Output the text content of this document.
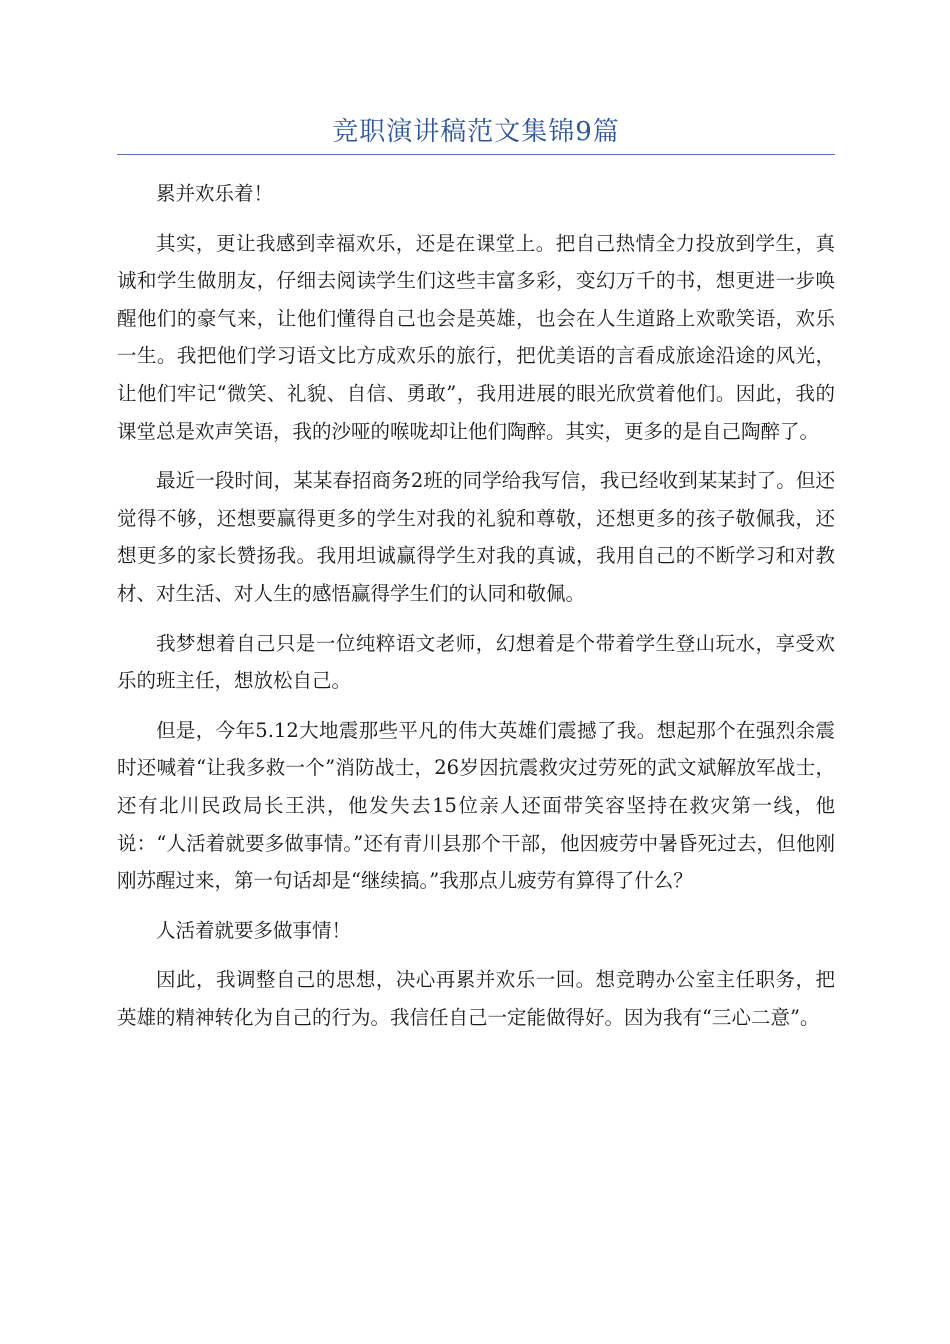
竞职演讲稿范文集锦9篇

累并欢乐着！

其实，更让我感到幸福欢乐，还是在课堂上。把自己热情全力投放到学生，真诚和学生做朋友，仔细去阅读学生们这些丰富多彩，变幻万千的书，想更进一步唤醒他们的豪气来，让他们懂得自己也会是英雄，也会在人生道路上欢歌笑语，欢乐一生。我把他们学习语文比方成欢乐的旅行，把优美语的言看成旅途沿途的风光，让他们牢记“微笑、礼貌、自信、勇敢”，我用进展的眼光欣赏着他们。因此，我的课堂总是欢声笑语，我的沙哑的喉咙却让他们陶醉。其实，更多的是自己陶醉了。

最近一段时间，某某春招商务2班的同学给我写信，我已经收到某某封了。但还觉得不够，还想要赢得更多的学生对我的礼貌和尊敬，还想更多的孩子敬佩我，还想更多的家长赞扬我。我用坦诚赢得学生对我的真诚，我用自己的不断学习和对教材、对生活、对人生的感悟赢得学生们的认同和敬佩。

我梦想着自己只是一位纯粹语文老师，幻想着是个带着学生登山玩水，享受欢乐的班主任，想放松自己。

但是，今年5.12大地震那些平凡的伟大英雄们震撼了我。想起那个在强烈余震时还喊着“让我多救一个”消防战士，26岁因抗震救灾过劳死的武文斌解放军战士，还有北川民政局长王洪，他发失去15位亲人还面带笑容坚持在救灾第一线，他说：“人活着就要多做事情。”还有青川县那个干部，他因疲劳中暑昏死过去，但他刚刚苏醒过来，第一句话却是“继续搞。”我那点儿疲劳有算得了什么？

人活着就要多做事情！

因此，我调整自己的思想，决心再累并欢乐一回。想竞聘办公室主任职务，把英雄的精神转化为自己的行为。我信任自己一定能做得好。因为我有“三心二意”。
